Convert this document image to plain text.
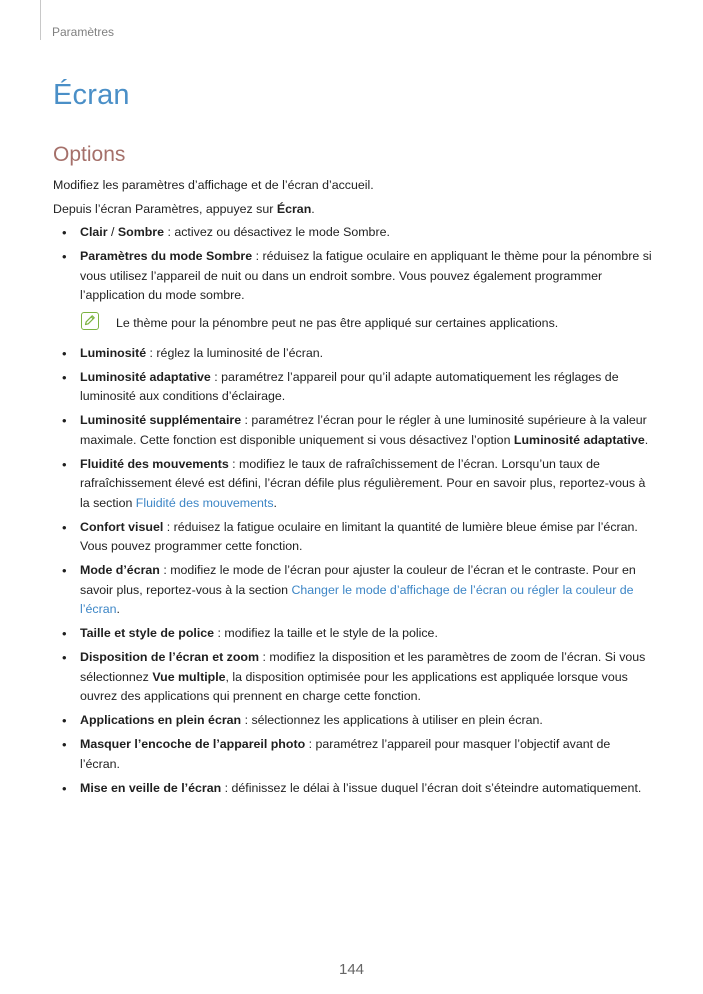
Paramètres
Écran
Options

Modifiez les paramètres d’affichage et de l’écran d’accueil.

Depuis l’écran Paramètres, appuyez sur Écran.

• Clair / Sombre : activez ou désactivez le mode Sombre.
• Paramètres du mode Sombre : réduisez la fatigue oculaire en appliquant le thème pour la pénombre si vous utilisez l’appareil de nuit ou dans un endroit sombre. Vous pouvez également programmer l’application du mode sombre.
Le thème pour la pénombre peut ne pas être appliqué sur certaines applications.
• Luminosité : réglez la luminosité de l’écran.
• Luminosité adaptative : paramétrez l’appareil pour qu’il adapte automatiquement les réglages de luminosité aux conditions d’éclairage.
• Luminosité supplémentaire : paramétrez l’écran pour le régler à une luminosité supérieure à la valeur maximale. Cette fonction est disponible uniquement si vous désactivez l’option Luminosité adaptative.
• Fluidité des mouvements : modifiez le taux de rafraîchissement de l’écran. Lorsqu’un taux de rafraîchissement élevé est défini, l’écran défile plus régulièrement. Pour en savoir plus, reportez-vous à la section Fluidité des mouvements.
• Confort visuel : réduisez la fatigue oculaire en limitant la quantité de lumière bleue émise par l’écran. Vous pouvez programmer cette fonction.
• Mode d’écran : modifiez le mode de l’écran pour ajuster la couleur de l’écran et le contraste. Pour en savoir plus, reportez-vous à la section Changer le mode d’affichage de l’écran ou régler la couleur de l’écran.
• Taille et style de police : modifiez la taille et le style de la police.
• Disposition de l’écran et zoom : modifiez la disposition et les paramètres de zoom de l’écran. Si vous sélectionnez Vue multiple, la disposition optimisée pour les applications est appliquée lorsque vous ouvrez des applications qui prennent en charge cette fonction.
• Applications en plein écran : sélectionnez les applications à utiliser en plein écran.
• Masquer l’encoche de l’appareil photo : paramétrez l’appareil pour masquer l’objectif avant de l’écran.
• Mise en veille de l’écran : définissez le délai à l’issue duquel l’écran doit s’éteindre automatiquement.
144
